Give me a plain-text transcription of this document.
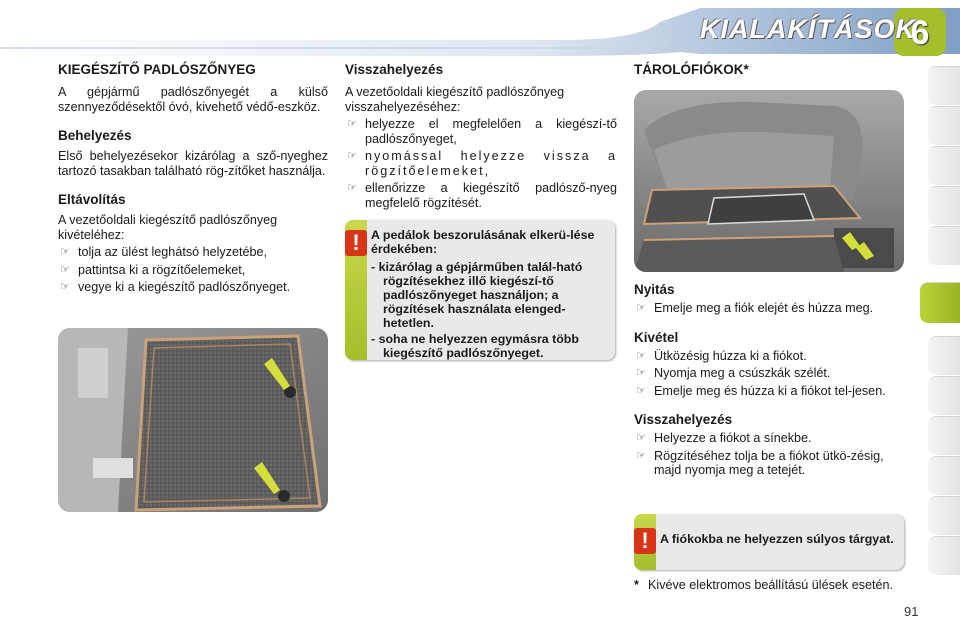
KIALAKÍTÁSOK
6
KIEGÉSZÍTŐ PADLÓSZŐNYEG

A gépjármű padlószőnyegét a külső szennyeződésektől óvó, kivehető védő-eszköz.

Behelyezés

Első behelyezésekor kizárólag a sző-nyeghez tartozó tasakban található rög-zítőket használja.

Eltávolítás

A vezetőoldali kiegészítő padlószőnyeg kivételéhez:

☞ tolja az ülést leghátsó helyzetébe,
☞ pattintsa ki a rögzítőelemeket,
☞ vegye ki a kiegészítő padlószőnyeget.
Visszahelyezés

A vezetőoldali kiegészítő padlószőnyeg visszahelyezéséhez:

☞ helyezze el megfelelően a kiegészí-tő padlószőnyeget,
☞ nyomással helyezze vissza a rögzítőelemeket,
☞ ellenőrizze a kiegészítő padlósző-nyeg megfelelő rögzítését.
! A pedálok beszorulásának elkerü-lése érdekében:
- kizárólag a gépjárműben talál-ható rögzítésekhez illő kiegészí-tő padlószőnyeget használjon; a rögzítések használata elenged-hetetlen.
- soha ne helyezzen egymásra több kiegészítő padlószőnyeget.
TÁROLÓFIÓKOK*
Nyitás
☞ Emelje meg a fiók elejét és húzza meg.
Kivétel
☞ Ütközésig húzza ki a fiókot.
☞ Nyomja meg a csúszkák szélét.
☞ Emelje meg és húzza ki a fiókot tel-jesen.
Visszahelyezés
☞ Helyezze a fiókot a sínekbe.
☞ Rögzítéséhez tolja be a fiókot ütkö-zésig, majd nyomja meg a tetejét.
! A fiókokba ne helyezzen súlyos tárgyat.
* Kivéve elektromos beállítású ülések esetén.
91
